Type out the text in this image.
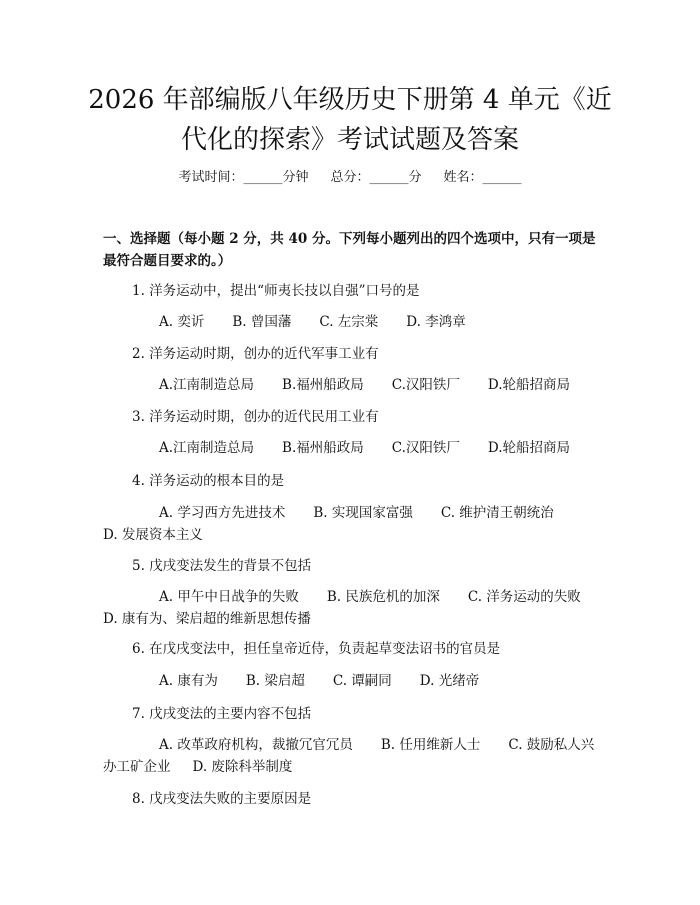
2026 年部编版八年级历史下册第 4 单元《近
代化的探索》考试试题及答案
考试时间：______分钟 总分：______分 姓名：______

一、选择题（每小题 2 分，共 40 分。下列每小题列出的四个选项中，只有一项是最符合题目要求的。）

1. 洋务运动中，提出“师夷长技以自强”口号的是
A. 奕䜣 B. 曾国藩 C. 左宗棠 D. 李鸿章
2. 洋务运动时期，创办的近代军事工业有
A.江南制造总局 B.福州船政局 C.汉阳铁厂 D.轮船招商局
3. 洋务运动时期，创办的近代民用工业有
A.江南制造总局 B.福州船政局 C.汉阳铁厂 D.轮船招商局
4. 洋务运动的根本目的是
A. 学习西方先进技术 B. 实现国家富强 C. 维护清王朝统治D. 发展资本主义
5. 戊戌变法发生的背景不包括
A. 甲午中日战争的失败 B. 民族危机的加深 C. 洋务运动的失败 D. 康有为、梁启超的维新思想传播
6. 在戊戌变法中，担任皇帝近侍，负责起草变法诏书的官员是
A. 康有为 B. 梁启超 C. 谭嗣同 D. 光绪帝
7. 戊戌变法的主要内容不包括
A. 改革政府机构，裁撤冗官冗员 B. 任用维新人士 C. 鼓励私人兴办工矿企业 D. 废除科举制度
8. 戊戌变法失败的主要原因是
